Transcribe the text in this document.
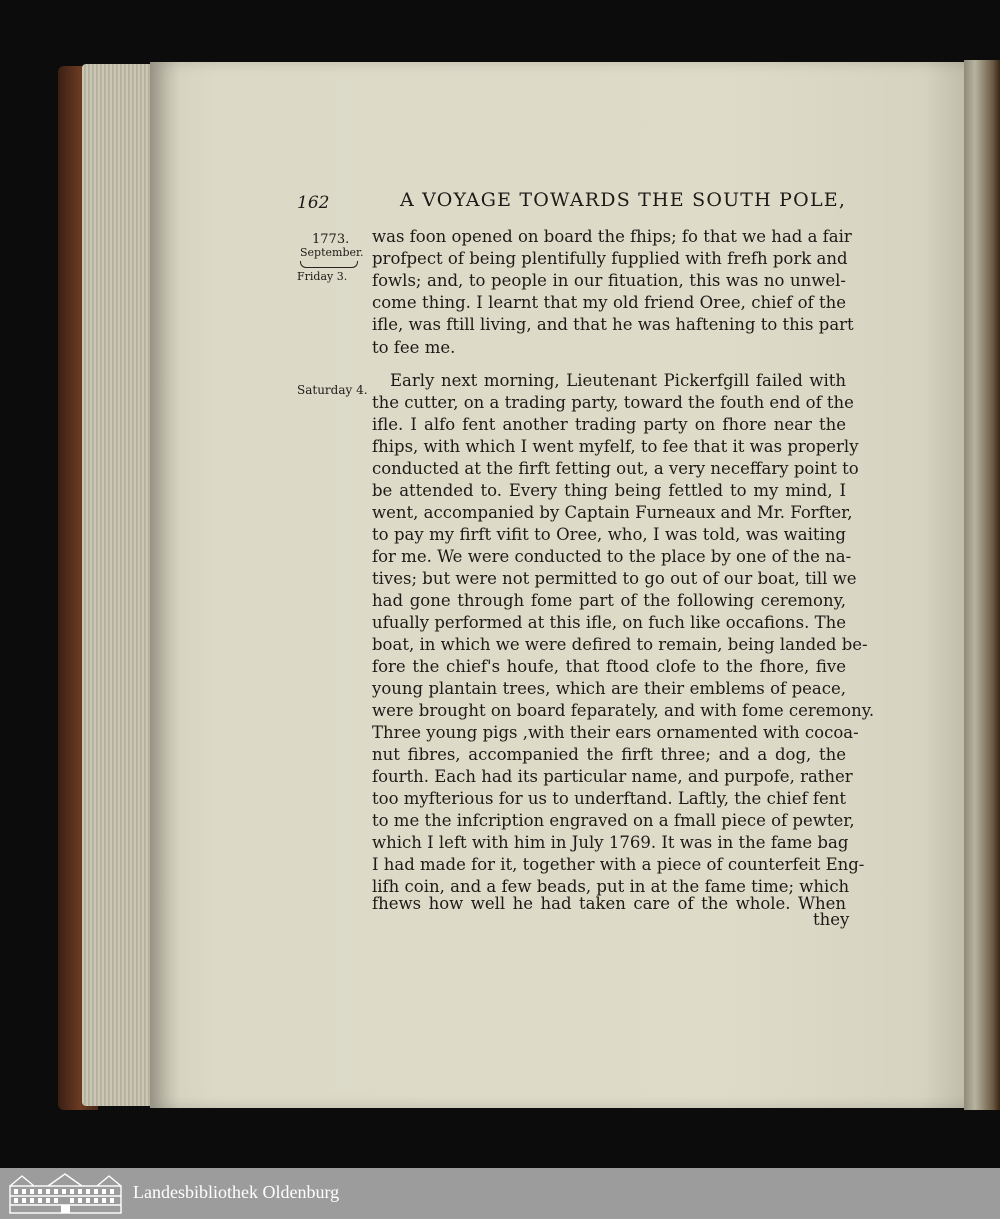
162	A VOYAGE TOWARDS THE SOUTH POLE,
1773.
September.
Friday 3.
Saturday 4.
was foon opened on board the fhips; fo that we had a fair
profpect of being plentifully fupplied with frefh pork and
fowls; and, to people in our fituation, this was no unwel-
come thing. I learnt that my old friend Oree, chief of the
ifle, was ftill living, and that he was haftening to this part
to fee me.
Early next morning, Lieutenant Pickerfgill failed with
the cutter, on a trading party, toward the fouth end of the
ifle. I alfo fent another trading party on fhore near the
fhips, with which I went myfelf, to fee that it was properly
conducted at the firft fetting out, a very neceffary point to
be attended to. Every thing being fettled to my mind, I
went, accompanied by Captain Furneaux and Mr. Forfter,
to pay my firft vifit to Oree, who, I was told, was waiting
for me. We were conducted to the place by one of the na-
tives; but were not permitted to go out of our boat, till we
had gone through fome part of the following ceremony,
ufually performed at this ifle, on fuch like occafions. The
boat, in which we were defired to remain, being landed be-
fore the chief's houfe, that ftood clofe to the fhore, five
young plantain trees, which are their emblems of peace,
were brought on board feparately, and with fome ceremony.
Three young pigs ,with their ears ornamented with cocoa-
nut fibres, accompanied the firft three; and a dog, the
fourth. Each had its particular name, and purpofe, rather
too myfterious for us to underftand. Laftly, the chief fent
to me the infcription engraved on a fmall piece of pewter,
which I left with him in July 1769. It was in the fame bag
I had made for it, together with a piece of counterfeit Eng-
lifh coin, and a few beads, put in at the fame time; which
fhews how well he had taken care of the whole. When
they
Landesbibliothek Oldenburg
